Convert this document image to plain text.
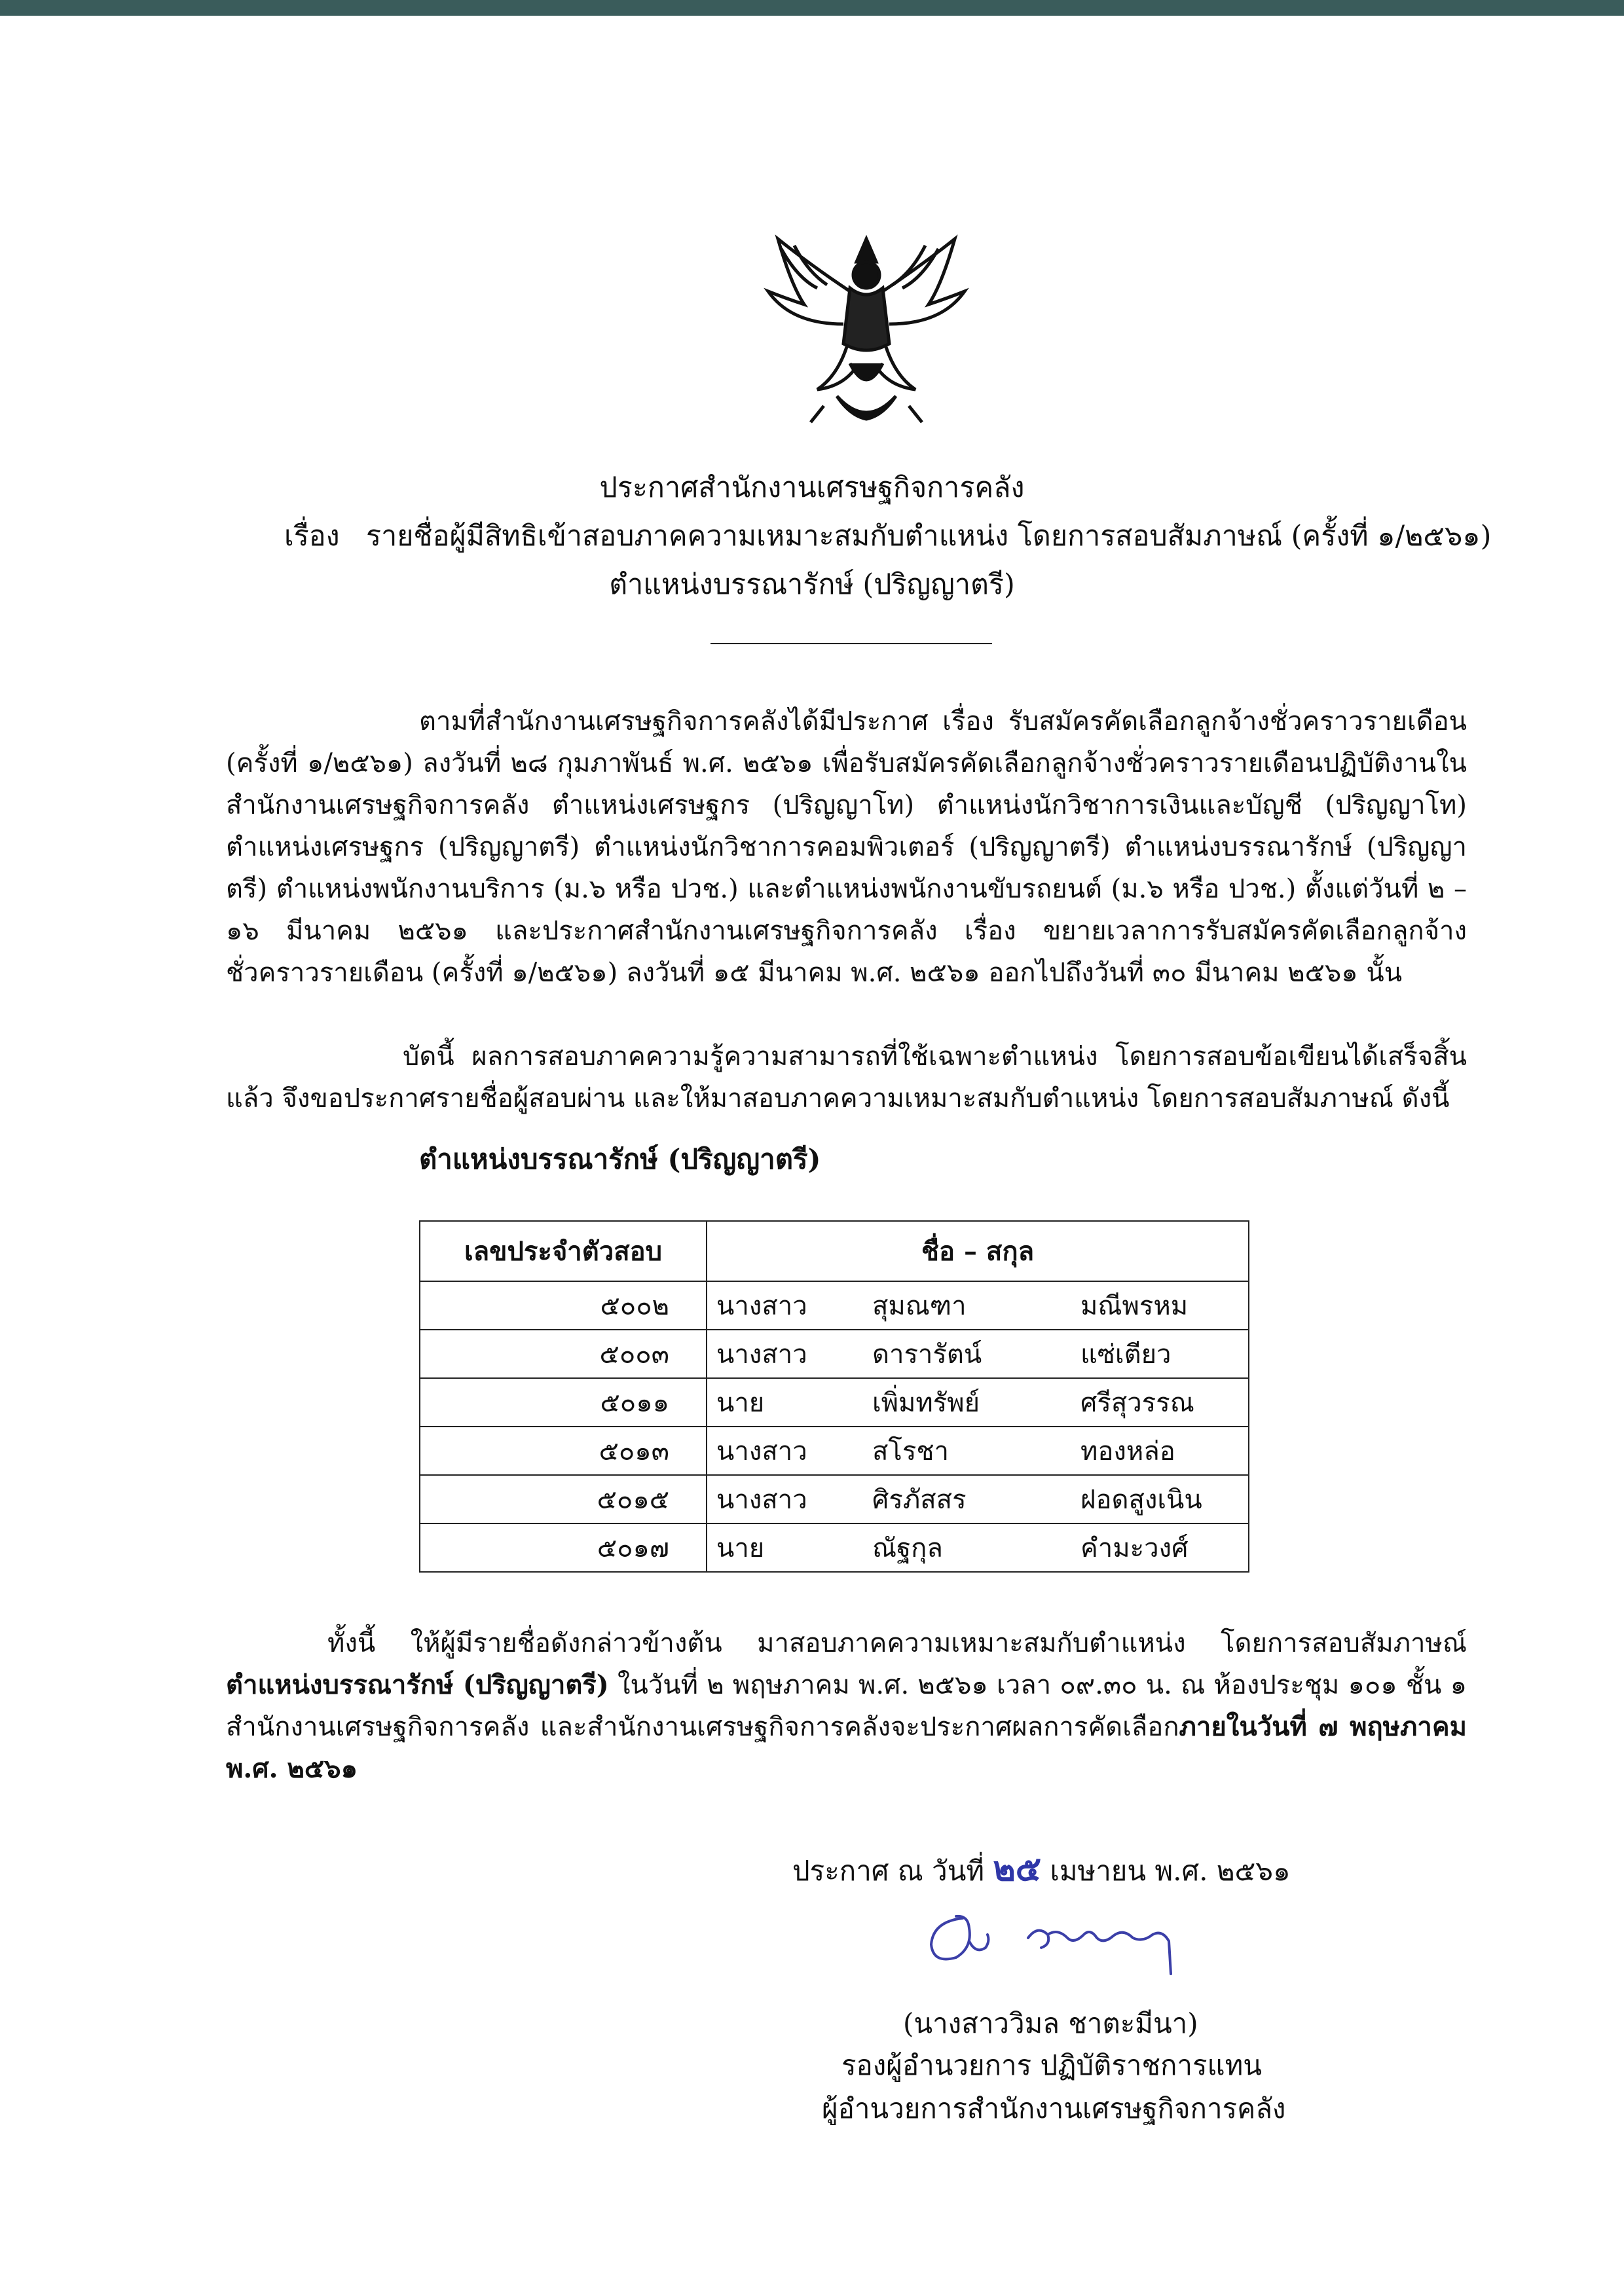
ประกาศสำนักงานเศรษฐกิจการคลัง
เรื่อง รายชื่อผู้มีสิทธิเข้าสอบภาคความเหมาะสมกับตำแหน่ง โดยการสอบสัมภาษณ์ (ครั้งที่ ๑/๒๕๖๑)
ตำแหน่งบรรณารักษ์ (ปริญญาตรี)
ตามที่สำนักงานเศรษฐกิจการคลังได้มีประกาศ เรื่อง รับสมัครคัดเลือกลูกจ้างชั่วคราวรายเดือน (ครั้งที่ ๑/๒๕๖๑) ลงวันที่ ๒๘ กุมภาพันธ์ พ.ศ. ๒๕๖๑ เพื่อรับสมัครคัดเลือกลูกจ้างชั่วคราวรายเดือนปฏิบัติงานในสำนักงานเศรษฐกิจการคลัง ตำแหน่งเศรษฐกร (ปริญญาโท) ตำแหน่งนักวิชาการเงินและบัญชี (ปริญญาโท) ตำแหน่งเศรษฐกร (ปริญญาตรี) ตำแหน่งนักวิชาการคอมพิวเตอร์ (ปริญญาตรี) ตำแหน่งบรรณารักษ์ (ปริญญาตรี) ตำแหน่งพนักงานบริการ (ม.๖ หรือ ปวช.) และตำแหน่งพนักงานขับรถยนต์ (ม.๖ หรือ ปวช.) ตั้งแต่วันที่ ๒ – ๑๖ มีนาคม ๒๕๖๑ และประกาศสำนักงานเศรษฐกิจการคลัง เรื่อง ขยายเวลาการรับสมัครคัดเลือกลูกจ้างชั่วคราวรายเดือน (ครั้งที่ ๑/๒๕๖๑) ลงวันที่ ๑๕ มีนาคม พ.ศ. ๒๕๖๑ ออกไปถึงวันที่ ๓๐ มีนาคม ๒๕๖๑ นั้น
บัดนี้ ผลการสอบภาคความรู้ความสามารถที่ใช้เฉพาะตำแหน่ง โดยการสอบข้อเขียนได้เสร็จสิ้นแล้ว จึงขอประกาศรายชื่อผู้สอบผ่าน และให้มาสอบภาคความเหมาะสมกับตำแหน่ง โดยการสอบสัมภาษณ์ ดังนี้
ตำแหน่งบรรณารักษ์ (ปริญญาตรี)
เลขประจำตัวสอบ	ชื่อ – สกุล		
๕๐๐๒	นางสาว	สุมณฑา	มณีพรหม
๕๐๐๓	นางสาว	ดารารัตน์	แซ่เตียว
๕๐๑๑	นาย	เพิ่มทรัพย์	ศรีสุวรรณ
๕๐๑๓	นางสาว	สโรชา	ทองหล่อ
๕๐๑๕	นางสาว	ศิรภัสสร	ฝอดสูงเนิน
๕๐๑๗	นาย	ณัฐกุล	คำมะวงศ์
ทั้งนี้ ให้ผู้มีรายชื่อดังกล่าวข้างต้น มาสอบภาคความเหมาะสมกับตำแหน่ง โดยการสอบสัมภาษณ์ ตำแหน่งบรรณารักษ์ (ปริญญาตรี) ในวันที่ ๒ พฤษภาคม พ.ศ. ๒๕๖๑ เวลา ๐๙.๓๐ น. ณ ห้องประชุม ๑๐๑ ชั้น ๑ สำนักงานเศรษฐกิจการคลัง และสำนักงานเศรษฐกิจการคลังจะประกาศผลการคัดเลือกภายในวันที่ ๗ พฤษภาคม พ.ศ. ๒๕๖๑
ประกาศ ณ วันที่ ๒๕ เมษายน พ.ศ. ๒๕๖๑
(นางสาววิมล ชาตะมีนา)
รองผู้อำนวยการ ปฏิบัติราชการแทน
ผู้อำนวยการสำนักงานเศรษฐกิจการคลัง
